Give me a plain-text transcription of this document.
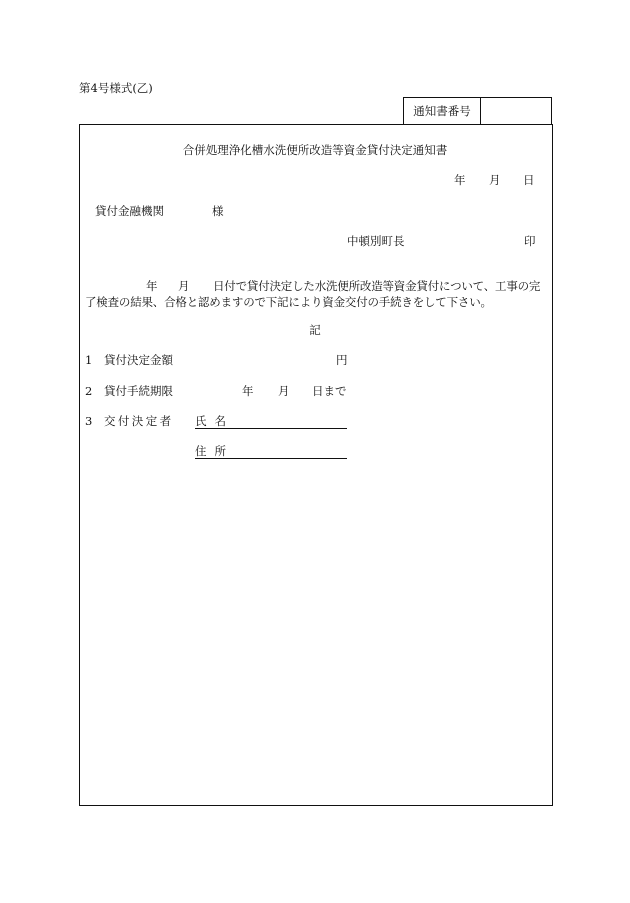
第4号様式(乙)
通知書番号
合併処理浄化槽水洗便所改造等資金貸付決定通知書
年 月 日
貸付金融機関	様
中頓別町長	印
年 月 日付で貸付決定した水洗便所改造等資金貸付について、工事の完
了検査の結果、合格と認めますので下記により資金交付の手続きをして下さい。
記
1 貸付決定金額	円
2 貸付手続期限	年 月 日まで
3 交付決定者 氏名
住所
